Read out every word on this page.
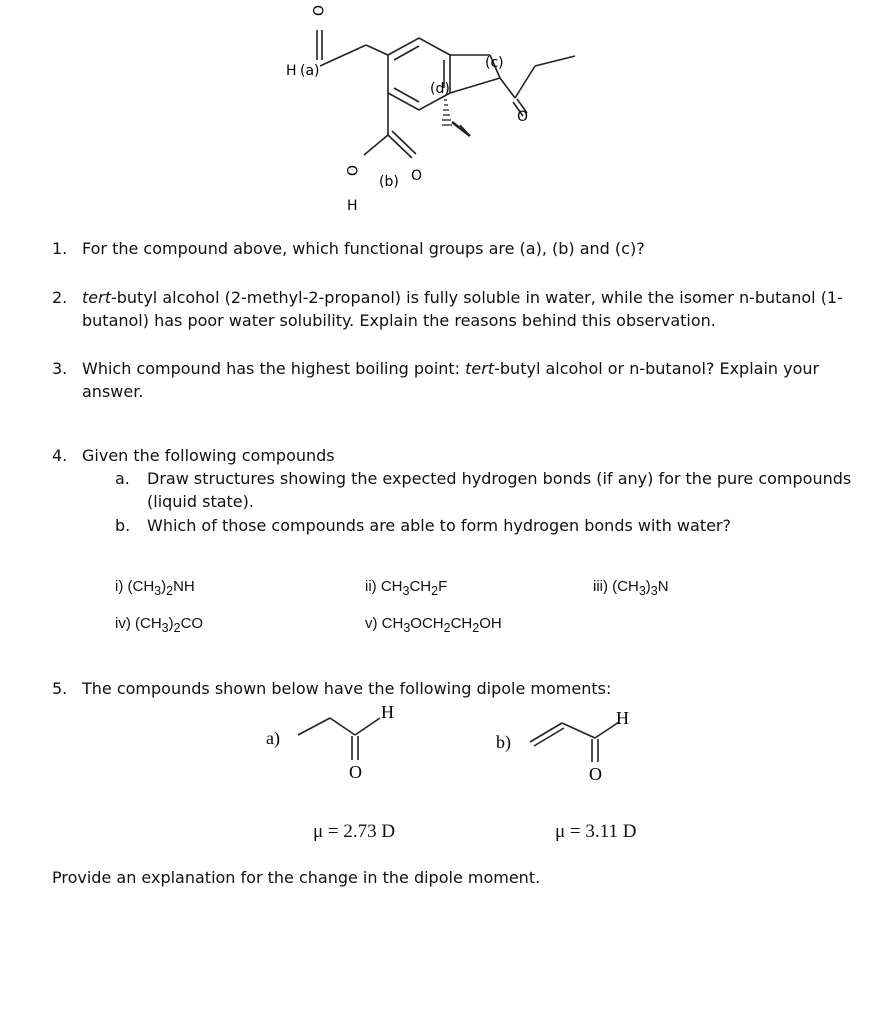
O
H (a)	(c)
(d)
O
O
O
(b)
H
1. For the compound above, which functional groups are (a), (b) and (c)?
2. tert-butyl alcohol (2-methyl-2-propanol) is fully soluble in water, while the isomer n-butanol (1-
butanol) has poor water solubility. Explain the reasons behind this observation.
3. Which compound has the highest boiling point: tert-butyl alcohol or n-butanol? Explain your
answer.
4. Given the following compounds
a. Draw structures showing the expected hydrogen bonds (if any) for the pure compounds
(liquid state).
b. Which of those compounds are able to form hydrogen bonds with water?
i) $(CH_3)_2NH$	ii) $CH_3CH_2F$	iii) $(CH_3)_3N$
iv) $(CH_3)_2CO$	v) $CH_3OCH_2CH_2OH$
5. The compounds shown below have the following dipole moments:
a)
H
O
b)
H
O
μ = 2.73 D	μ = 3.11 D
Provide an explanation for the change in the dipole moment.
